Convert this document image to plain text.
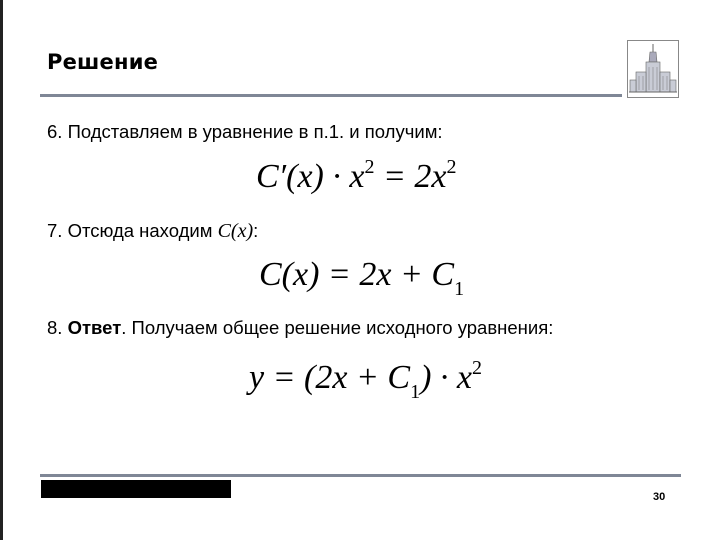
Решение
6. Подставляем в уравнение в п.1. и получим:
$C'(x) \cdot x^2 = 2x^2$
7. Отсюда находим C(x):
$C(x) = 2x + C_1$
8. Ответ. Получаем общее решение исходного уравнения:
$y = (2x + C_1) \cdot x^2$
30
